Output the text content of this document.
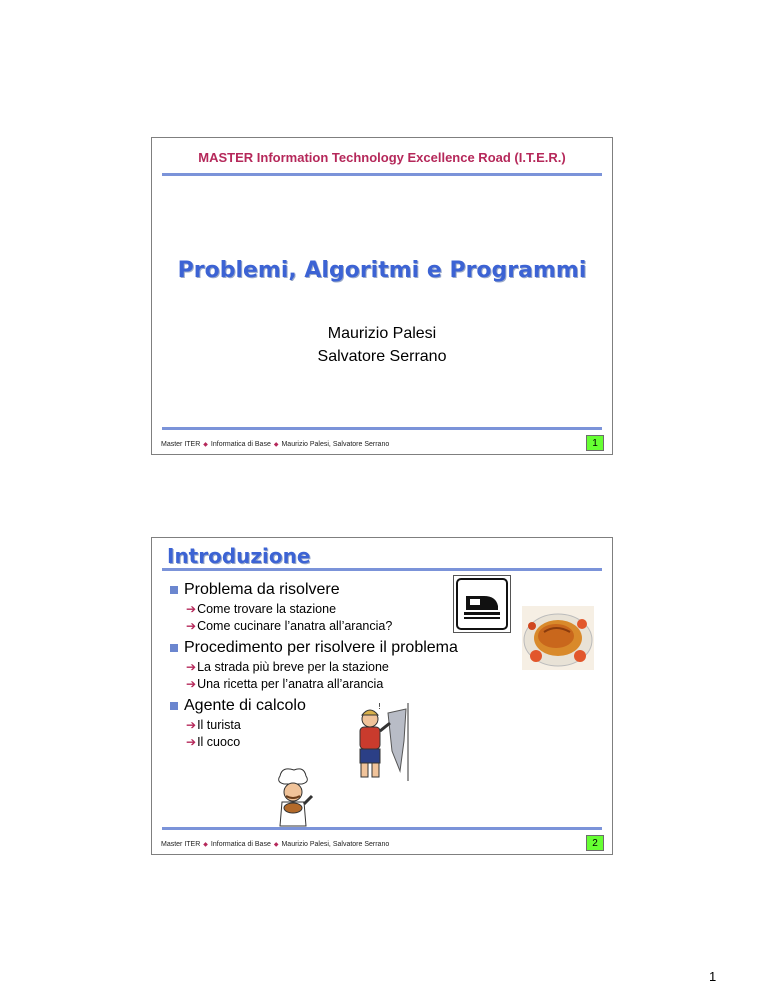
MASTER Information Technology Excellence Road (I.T.E.R.)
Problemi, Algoritmi e Programmi
Maurizio Palesi
Salvatore Serrano
Master ITER ◆ Informatica di Base ◆ Maurizio Palesi, Salvatore Serrano	1
Introduzione
Problema da risolvere
➔ Come trovare la stazione
➔ Come cucinare l’anatra all’arancia?
Procedimento per risolvere il problema
➔ La strada più breve per la stazione
➔ Una ricetta per l’anatra all’arancia
Agente di calcolo
➔ Il turista
➔ Il cuoco
!
Master ITER ◆ Informatica di Base ◆ Maurizio Palesi, Salvatore Serrano	2
1
